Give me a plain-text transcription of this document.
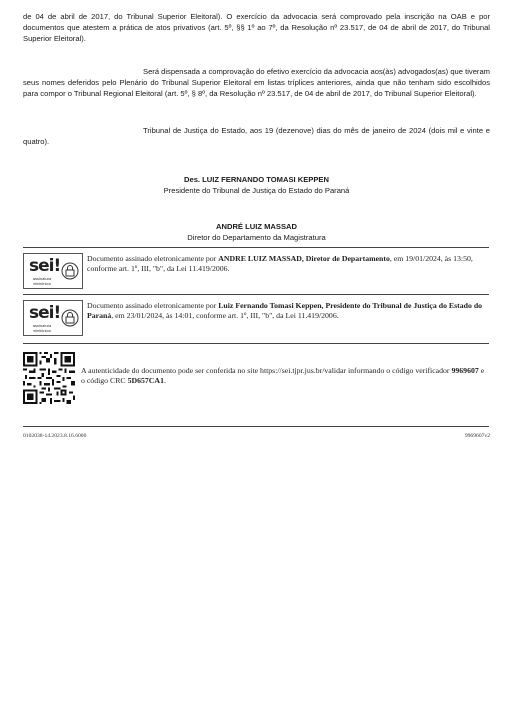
de 04 de abril de 2017, do Tribunal Superior Eleitoral). O exercício da advocacia será comprovado pela inscrição na OAB e por documentos que atestem a prática de atos privativos (art. 5º, §§ 1º ao 7º, da Resolução nº 23.517, de 04 de abril de 2017, do Tribunal Superior Eleitoral).

Será dispensada a comprovação do efetivo exercício da advocacia aos(às) advogados(as) que tiveram seus nomes deferidos pelo Plenário do Tribunal Superior Eleitoral em listas tríplices anteriores, ainda que não tenham sido escolhidos para compor o Tribunal Regional Eleitoral (art. 5º, § 8º, da Resolução nº 23.517, de 04 de abril de 2017, do Tribunal Superior Eleitoral).

Tribunal de Justiça do Estado, aos 19 (dezenove) dias do mês de janeiro de 2024 (dois mil e vinte e quatro).

Des. LUIZ FERNANDO TOMASI KEPPEN
Presidente do Tribunal de Justiça do Estado do Paraná
ANDRÉ LUIZ MASSAD
Diretor do Departamento da Magistratura
sei!
assinatura eletrônica
Documento assinado eletronicamente por ANDRE LUIZ MASSAD, Diretor de Departamento, em 19/01/2024, às 13:50, conforme art. 1º, III, "b", da Lei 11.419/2006.
sei!
assinatura eletrônica
Documento assinado eletronicamente por Luiz Fernando Tomasi Keppen, Presidente do Tribunal de Justiça do Estado do Paraná, em 23/01/2024, às 14:01, conforme art. 1º, III, "b", da Lei 11.419/2006.
A autenticidade do documento pode ser conferida no site https://sei.tjpr.jus.br/validar informando o código verificador 9969607 e o código CRC 5D657CA1.
0102038-14.2023.8.16.6000	9969607v2
